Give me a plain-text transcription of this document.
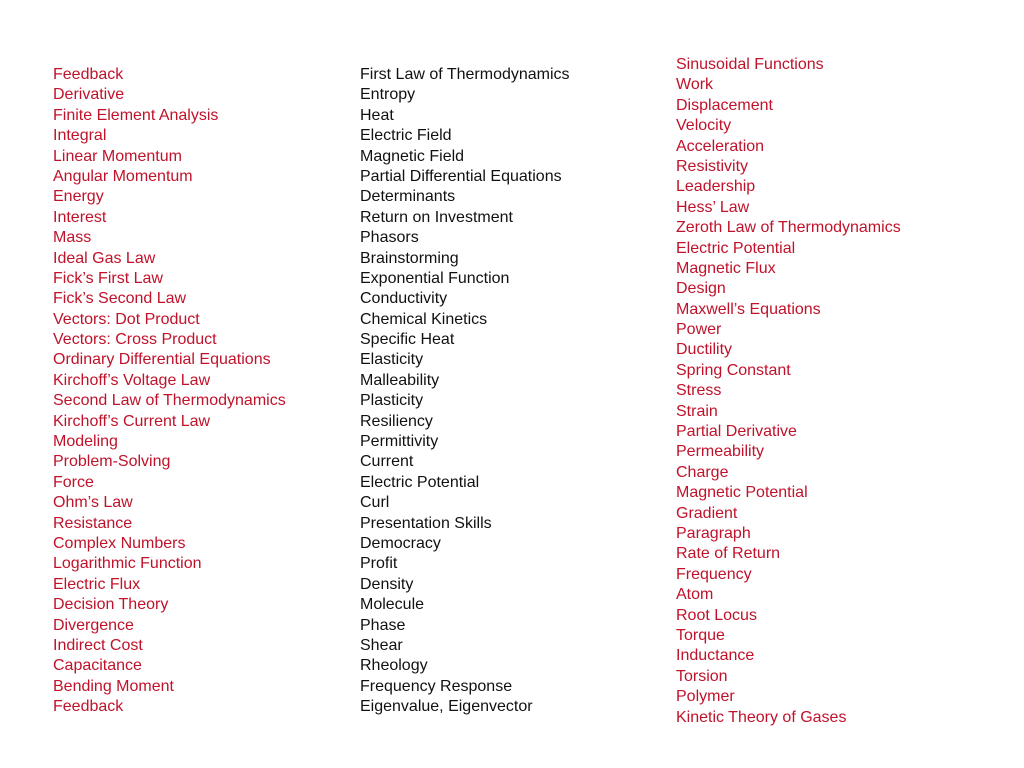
Feedback
Derivative
Finite Element Analysis
Integral
Linear Momentum
Angular Momentum
Energy
Interest
Mass
Ideal Gas Law
Fick’s First Law
Fick’s Second Law
Vectors: Dot Product
Vectors: Cross Product
Ordinary Differential Equations
Kirchoff’s Voltage Law
Second Law of Thermodynamics
Kirchoff’s Current Law
Modeling
Problem-Solving
Force
Ohm’s Law
Resistance
Complex Numbers
Logarithmic Function
Electric Flux
Decision Theory
Divergence
Indirect Cost
Capacitance
Bending Moment
Feedback
First Law of Thermodynamics
Entropy
Heat
Electric Field
Magnetic Field
Partial Differential Equations
Determinants
Return on Investment
Phasors
Brainstorming
Exponential Function
Conductivity
Chemical Kinetics
Specific Heat
Elasticity
Malleability
Plasticity
Resiliency
Permittivity
Current
Electric Potential
Curl
Presentation Skills
Democracy
Profit
Density
Molecule
Phase
Shear
Rheology
Frequency Response
Eigenvalue, Eigenvector
Sinusoidal Functions
Work
Displacement
Velocity
Acceleration
Resistivity
Leadership
Hess’ Law
Zeroth Law of Thermodynamics
Electric Potential
Magnetic Flux
Design
Maxwell’s Equations
Power
Ductility
Spring Constant
Stress
Strain
Partial Derivative
Permeability
Charge
Magnetic Potential
Gradient
Paragraph
Rate of Return
Frequency
Atom
Root Locus
Torque
Inductance
Torsion
Polymer
Kinetic Theory of Gases
